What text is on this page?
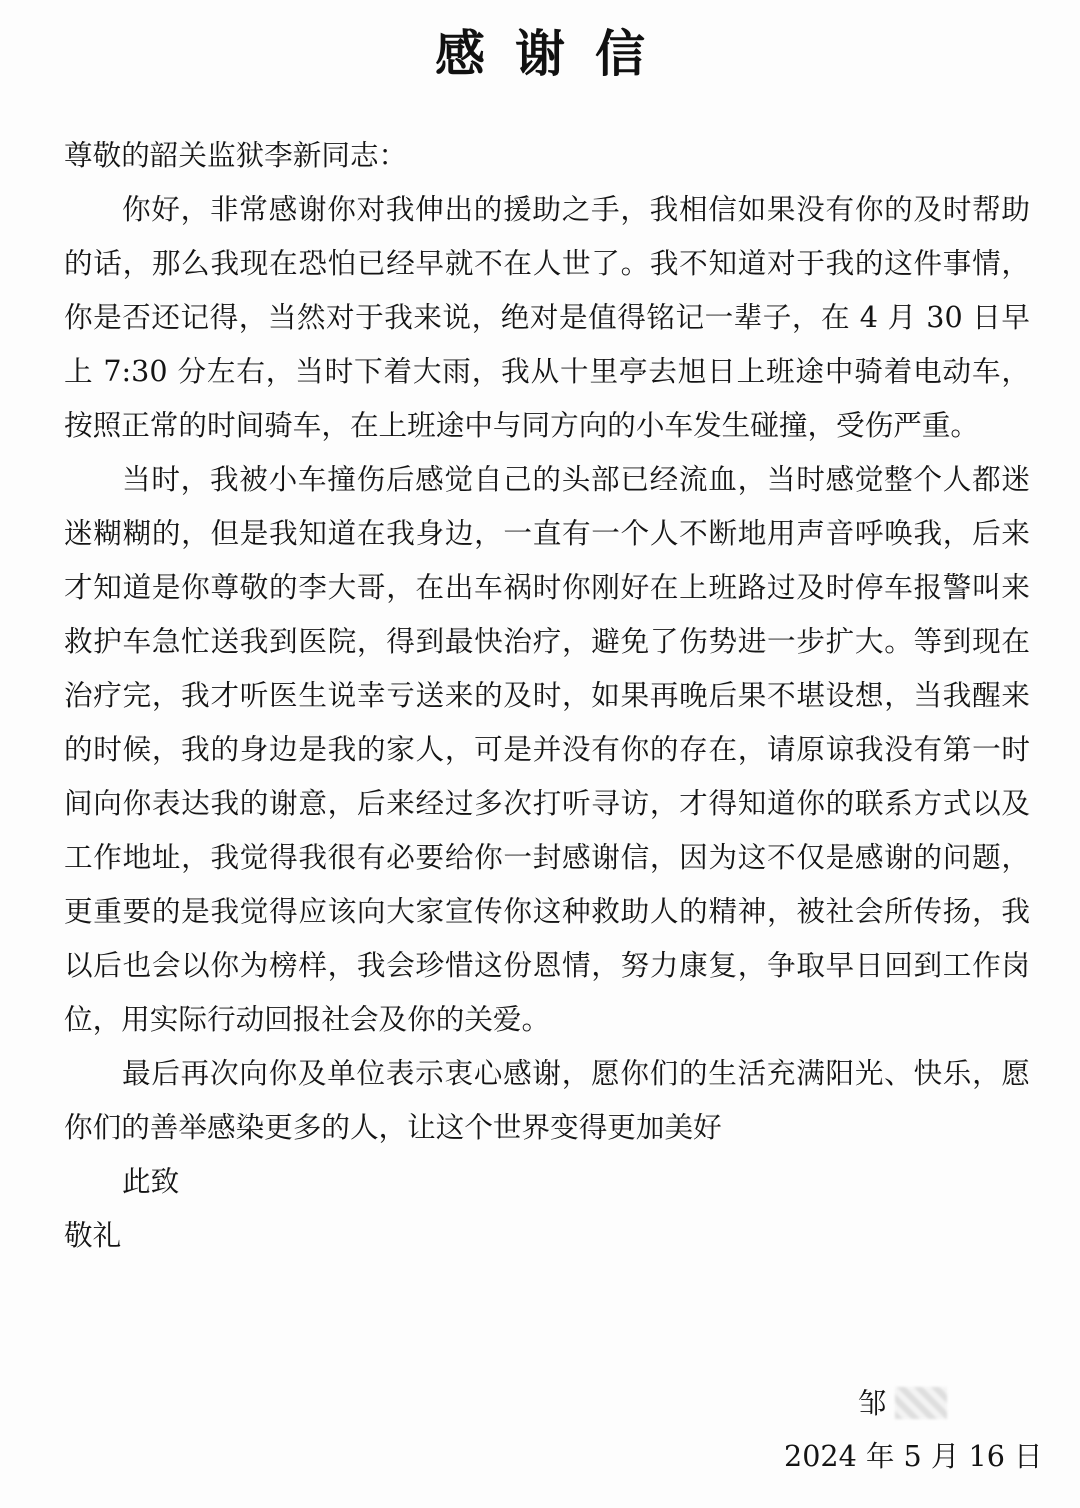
感谢信

尊敬的韶关监狱李新同志：

你好，非常感谢你对我伸出的援助之手，我相信如果没有你的及时帮助的话，那么我现在恐怕已经早就不在人世了。我不知道对于我的这件事情，你是否还记得，当然对于我来说，绝对是值得铭记一辈子，在 4 月 30 日早上 7:30 分左右，当时下着大雨，我从十里亭去旭日上班途中骑着电动车，按照正常的时间骑车，在上班途中与同方向的小车发生碰撞，受伤严重。

当时，我被小车撞伤后感觉自己的头部已经流血，当时感觉整个人都迷迷糊糊的，但是我知道在我身边，一直有一个人不断地用声音呼唤我，后来才知道是你尊敬的李大哥，在出车祸时你刚好在上班路过及时停车报警叫来救护车急忙送我到医院，得到最快治疗，避免了伤势进一步扩大。等到现在治疗完，我才听医生说幸亏送来的及时，如果再晚后果不堪设想，当我醒来的时候，我的身边是我的家人，可是并没有你的存在，请原谅我没有第一时间向你表达我的谢意，后来经过多次打听寻访，才得知道你的联系方式以及工作地址，我觉得我很有必要给你一封感谢信，因为这不仅是感谢的问题，更重要的是我觉得应该向大家宣传你这种救助人的精神，被社会所传扬，我以后也会以你为榜样，我会珍惜这份恩情，努力康复，争取早日回到工作岗位，用实际行动回报社会及你的关爱。

最后再次向你及单位表示衷心感谢，愿你们的生活充满阳光、快乐，愿你们的善举感染更多的人，让这个世界变得更加美好

此致

敬礼

邹
2024 年 5 月 16 日
